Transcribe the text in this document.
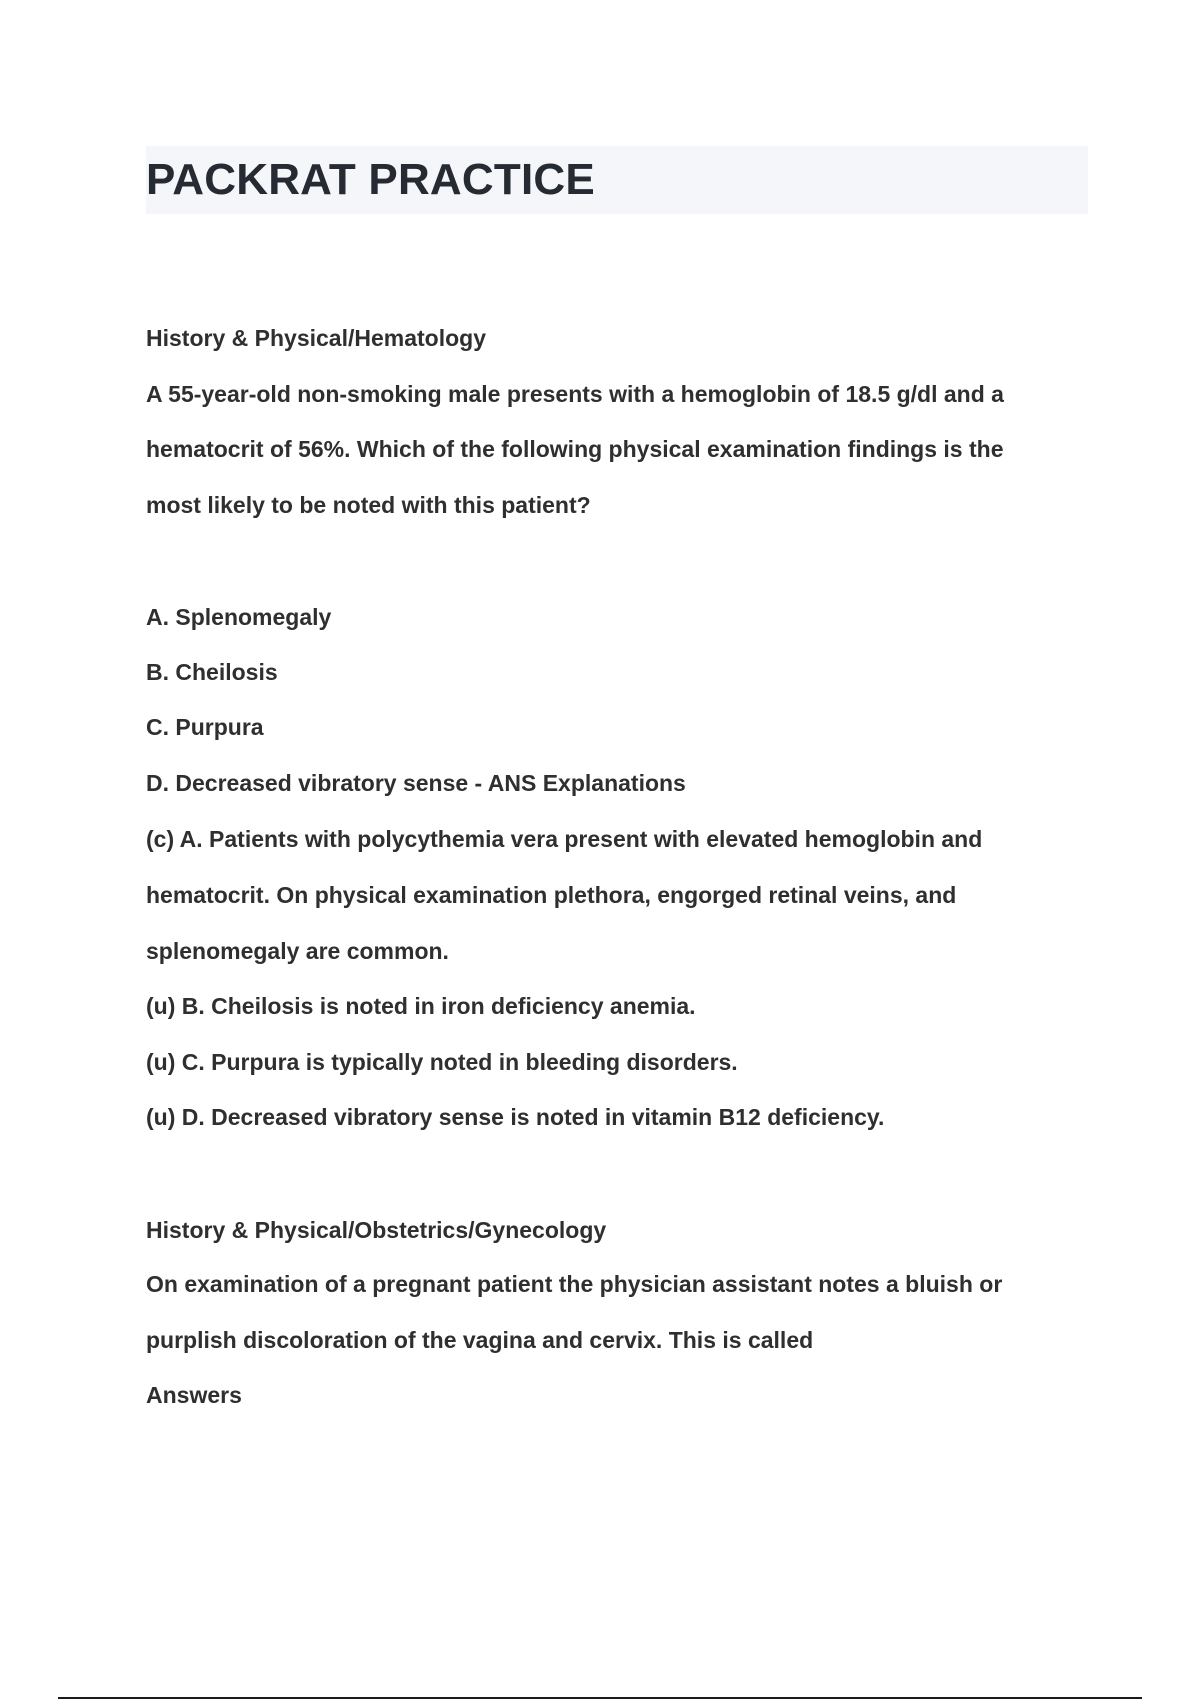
PACKRAT PRACTICE
History & Physical/Hematology
A 55-year-old non-smoking male presents with a hemoglobin of 18.5 g/dl and a
hematocrit of 56%. Which of the following physical examination findings is the
most likely to be noted with this patient?
A. Splenomegaly
B. Cheilosis
C. Purpura
D. Decreased vibratory sense - ANS Explanations
(c) A. Patients with polycythemia vera present with elevated hemoglobin and
hematocrit. On physical examination plethora, engorged retinal veins, and
splenomegaly are common.
(u) B. Cheilosis is noted in iron deficiency anemia.
(u) C. Purpura is typically noted in bleeding disorders.
(u) D. Decreased vibratory sense is noted in vitamin B12 deficiency.
History & Physical/Obstetrics/Gynecology
On examination of a pregnant patient the physician assistant notes a bluish or
purplish discoloration of the vagina and cervix. This is called
Answers
